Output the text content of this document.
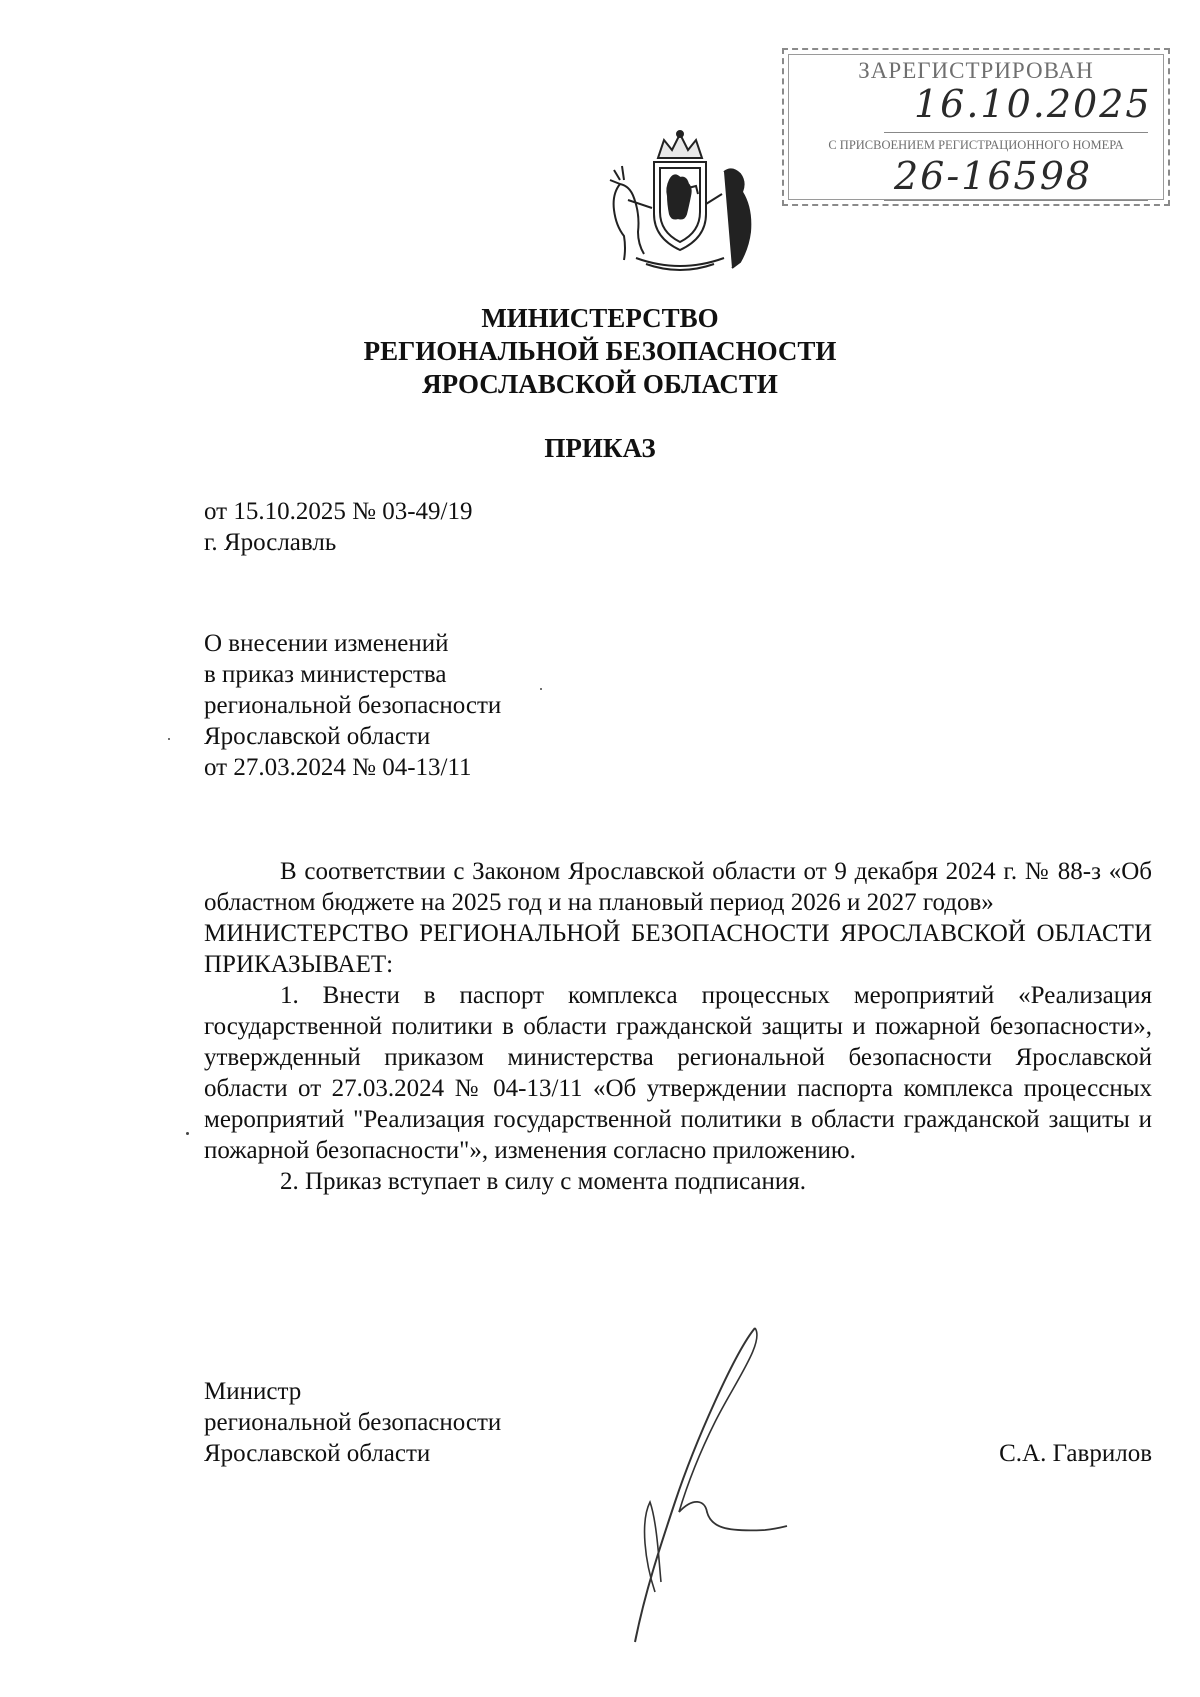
ЗАРЕГИСТРИРОВАН
16.10.2025
С ПРИСВОЕНИЕМ РЕГИСТРАЦИОННОГО НОМЕРА
26-16598
МИНИСТЕРСТВО
РЕГИОНАЛЬНОЙ БЕЗОПАСНОСТИ
ЯРОСЛАВСКОЙ ОБЛАСТИ
ПРИКАЗ
от 15.10.2025 № 03-49/19
г. Ярославль
О внесении изменений
в приказ министерства
региональной безопасности
Ярославской области
от 27.03.2024 № 04-13/11

В соответствии с Законом Ярославской области от 9 декабря 2024 г. № 88-з «Об областном бюджете на 2025 год и на плановый период 2026 и 2027 годов»

МИНИСТЕРСТВО РЕГИОНАЛЬНОЙ БЕЗОПАСНОСТИ ЯРОСЛАВСКОЙ ОБЛАСТИ ПРИКАЗЫВАЕТ:

1. Внести в паспорт комплекса процессных мероприятий «Реализация государственной политики в области гражданской защиты и пожарной безопасности», утвержденный приказом министерства региональной безопасности Ярославской области от 27.03.2024 № 04-13/11 «Об утверждении паспорта комплекса процессных мероприятий "Реализация государственной политики в области гражданской защиты и пожарной безопасности"», изменения согласно приложению.

2. Приказ вступает в силу с момента подписания.

Министр
региональной безопасности
Ярославской области	С.А. Гаврилов
